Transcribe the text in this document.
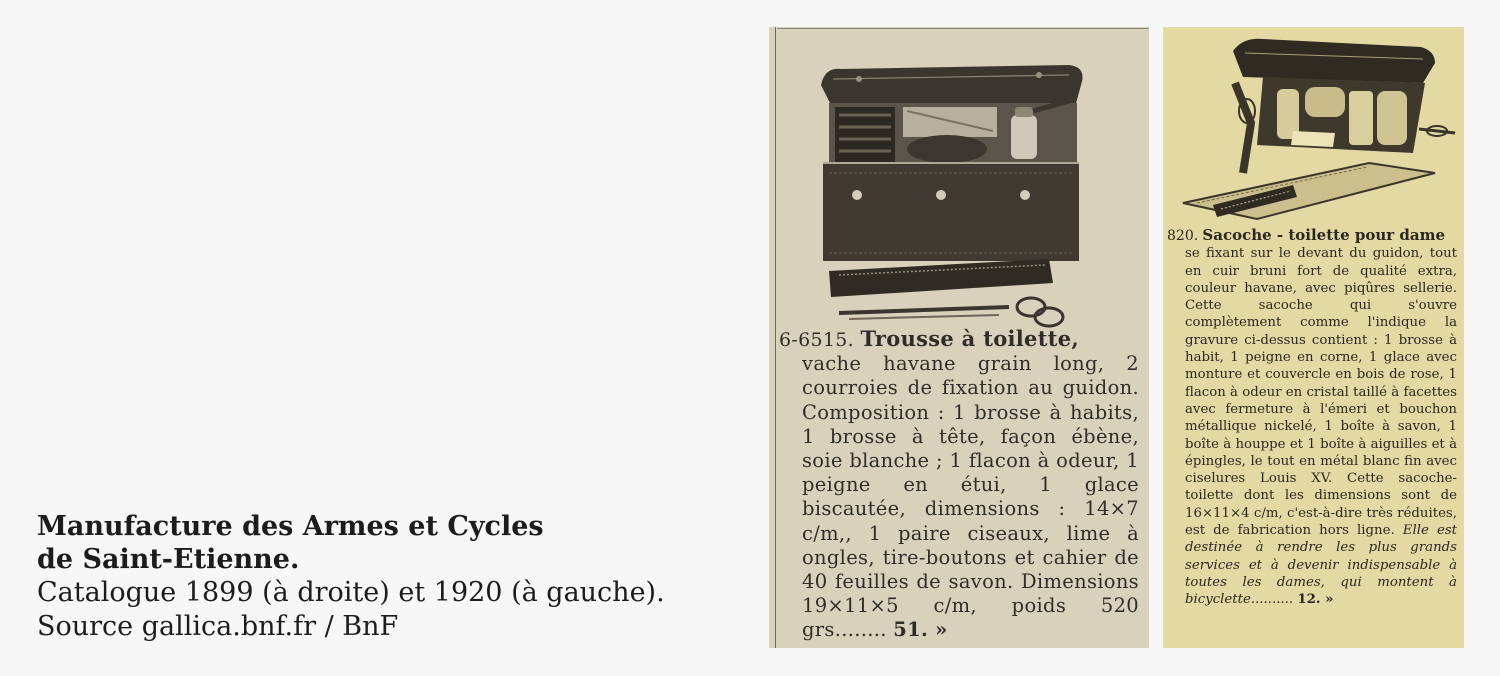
Manufacture des Armes et Cycles
de Saint-Etienne.
Catalogue 1899 (à droite) et 1920 (à gauche).
Source gallica.bnf.fr / BnF
6-6515. Trousse à toilette,
vache havane grain long, 2 courroies de fixation au guidon. Composition : 1 brosse à habits, 1 brosse à tête, façon ébène, soie blanche ; 1 flacon à odeur, 1 peigne en étui, 1 glace biscautée, dimensions : 14×7 c/m,, 1 paire ciseaux, lime à ongles, tire-boutons et cahier de 40 feuilles de savon. Dimensions 19×11×5 c/m, poids 520 grs........ 51. »
820. Sacoche - toilette pour dame
se fixant sur le devant du guidon, tout en cuir bruni fort de qualité extra, couleur havane, avec piqûres sellerie. Cette sacoche qui s'ouvre complètement comme l'indique la gravure ci-dessus contient : 1 brosse à habit, 1 peigne en corne, 1 glace avec monture et couvercle en bois de rose, 1 flacon à odeur en cristal taillé à facettes avec fermeture à l'émeri et bouchon métallique nickelé, 1 boîte à savon, 1 boîte à houppe et 1 boîte à aiguilles et à épingles, le tout en métal blanc fin avec ciselures Louis XV. Cette sacoche-toilette dont les dimensions sont de 16×11×4 c/m, c'est-à-dire très réduites, est de fabrication hors ligne. Elle est destinée à rendre les plus grands services et à devenir indispensable à toutes les dames, qui montent à bicyclette.......... 12. »
